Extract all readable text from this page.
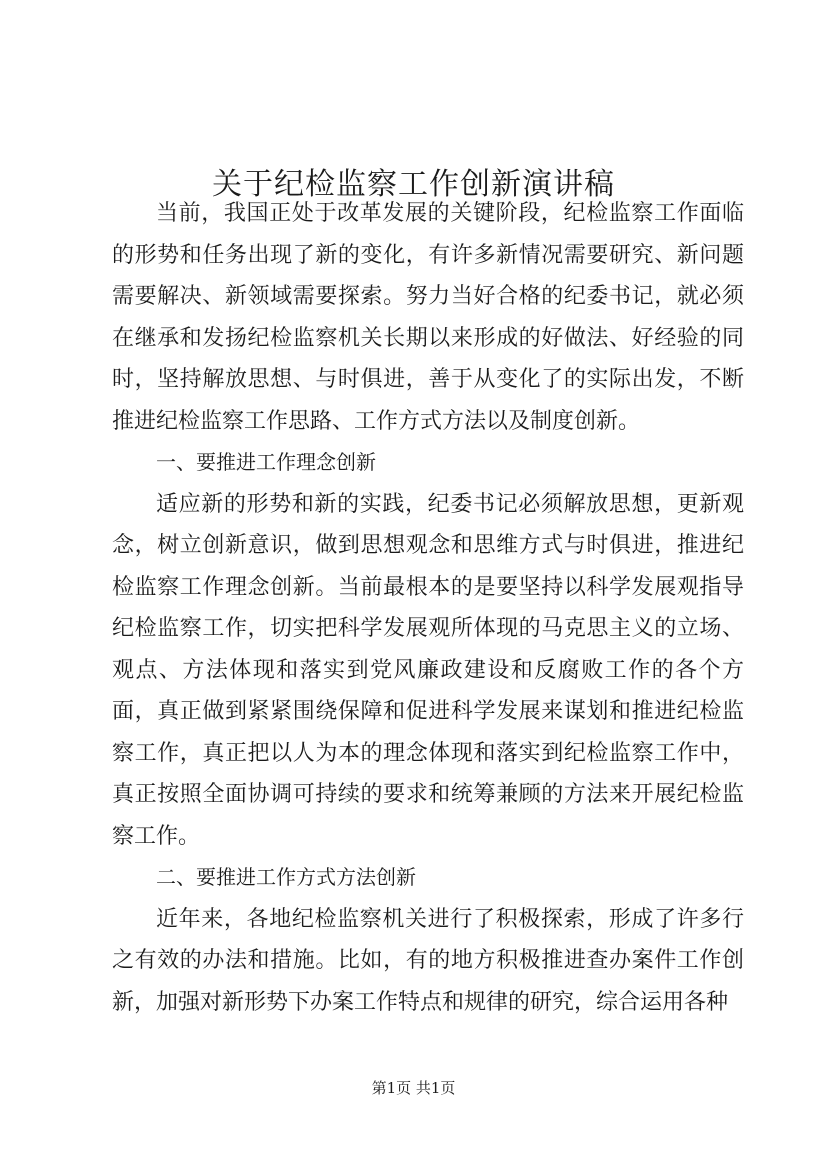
关于纪检监察工作创新演讲稿

当前，我国正处于改革发展的关键阶段，纪检监察工作面临的形势和任务出现了新的变化，有许多新情况需要研究、新问题需要解决、新领域需要探索。努力当好合格的纪委书记，就必须在继承和发扬纪检监察机关长期以来形成的好做法、好经验的同时，坚持解放思想、与时俱进，善于从变化了的实际出发，不断推进纪检监察工作思路、工作方式方法以及制度创新。

一、要推进工作理念创新

适应新的形势和新的实践，纪委书记必须解放思想，更新观念，树立创新意识，做到思想观念和思维方式与时俱进，推进纪检监察工作理念创新。当前最根本的是要坚持以科学发展观指导纪检监察工作，切实把科学发展观所体现的马克思主义的立场、观点、方法体现和落实到党风廉政建设和反腐败工作的各个方面，真正做到紧紧围绕保障和促进科学发展来谋划和推进纪检监察工作，真正把以人为本的理念体现和落实到纪检监察工作中，真正按照全面协调可持续的要求和统筹兼顾的方法来开展纪检监察工作。

二、要推进工作方式方法创新

近年来，各地纪检监察机关进行了积极探索，形成了许多行之有效的办法和措施。比如，有的地方积极推进查办案件工作创新，加强对新形势下办案工作特点和规律的研究，综合运用各种

第1页 共1页
